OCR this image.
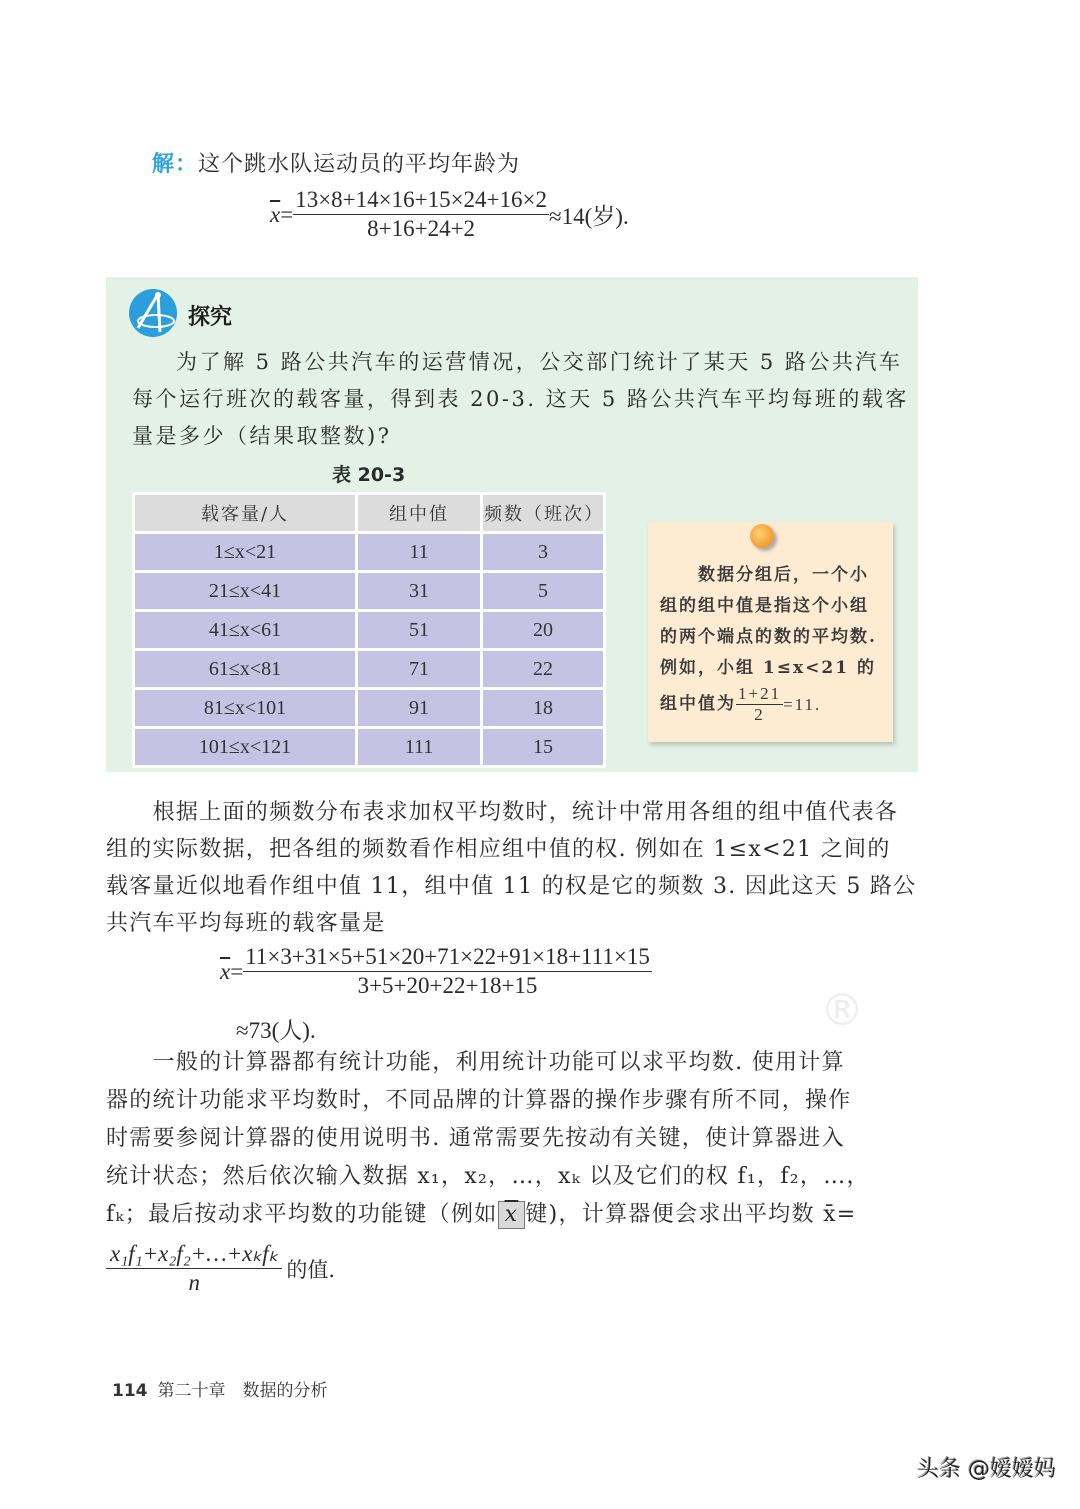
解：这个跳水队运动员的平均年龄为
$\overline{x} = \frac{13\times 8+14\times 16+15\times 24+16\times 2}{8+16+24+2} \approx 14$(岁).
探究
为了解 5 路公共汽车的运营情况，公交部门统计了某天 5 路公共汽车
每个运行班次的载客量，得到表 20-3. 这天 5 路公共汽车平均每班的载客
量是多少（结果取整数)?
表 20-3
载客量/人	组中值	频数（班次）
1≤x<21	11	3
21≤x<41	31	5
41≤x<61	51	20
61≤x<81	71	22
81≤x<101	91	18
101≤x<121	111	15
　　数据分组后，一个小
组的组中值是指这个小组
的两个端点的数的平均数.
例如，小组 1≤x<21 的
组中值为 $\frac{1+21}{2} =11$.
　　根据上面的频数分布表求加权平均数时，统计中常用各组的组中值代表各
组的实际数据，把各组的频数看作相应组中值的权. 例如在 1≤x<21 之间的
载客量近似地看作组中值 11，组中值 11 的权是它的频数 3. 因此这天 5 路公
共汽车平均每班的载客量是
$\overline{x} = \frac{11\times 3+31\times 5+51\times 20+71\times 22+91\times 18+111\times 15}{3+5+20+22+18+15}$
≈73(人).	®
　　一般的计算器都有统计功能，利用统计功能可以求平均数. 使用计算
器的统计功能求平均数时，不同品牌的计算器的操作步骤有所不同，操作
时需要参阅计算器的使用说明书. 通常需要先按动有关键，使计算器进入
统计状态；然后依次输入数据 x₁，x₂，…，xₖ 以及它们的权 f₁，f₂，…，
fₖ；最后按动求平均数的功能键（例如 $\overline{x}$ 键)，计算器便会求出平均数 x̄=
$\frac{\text{x₁f₁+x₂f₂+…+xₖfₖ}}{n}$ 的值.
114 第二十章　数据的分析
头条 @嫒嫒妈
